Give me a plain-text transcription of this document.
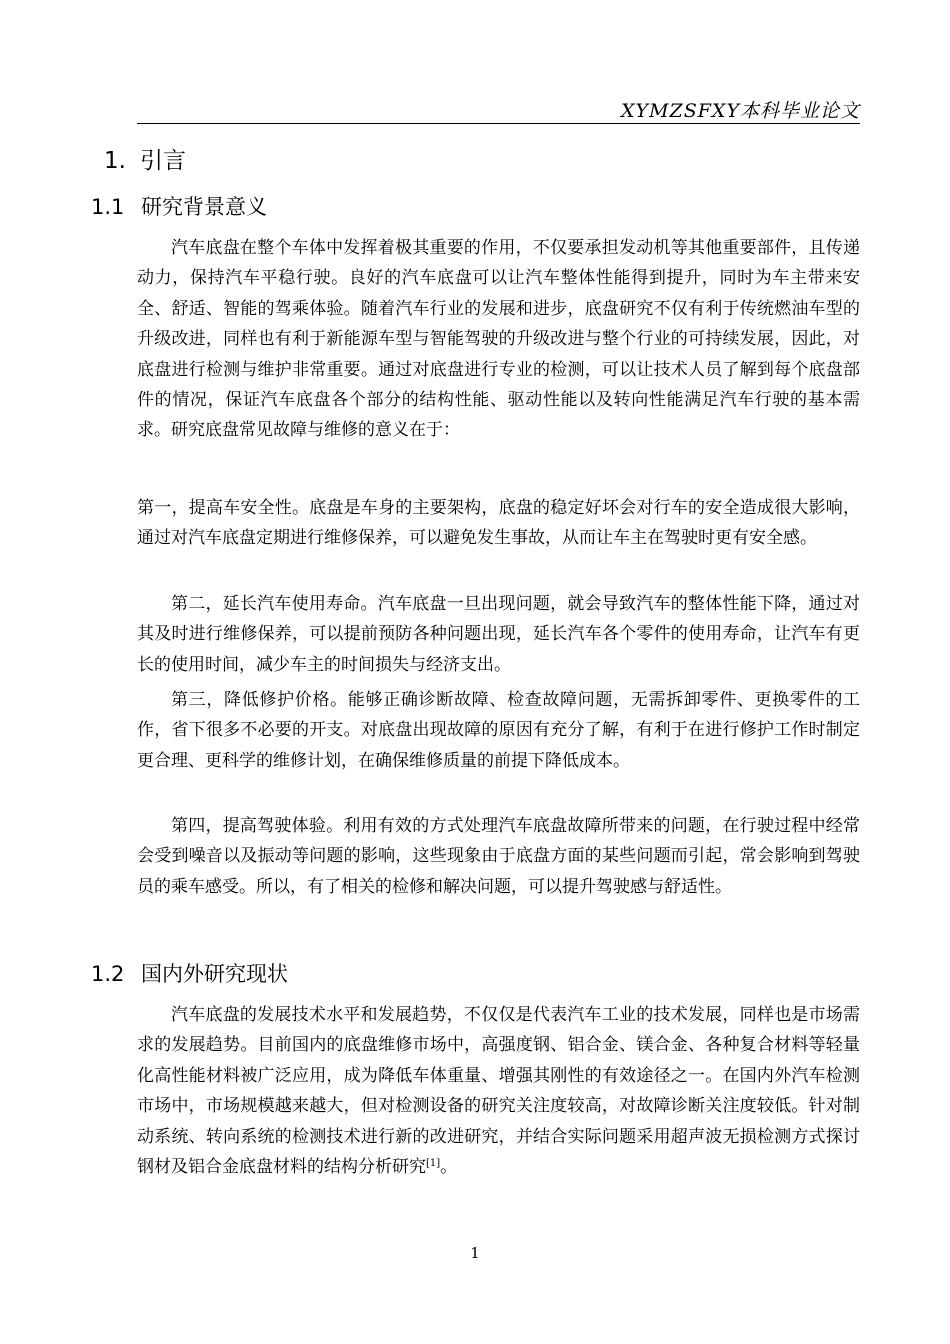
XYMZSFXY本科毕业论文
1. 引言
1.1 研究背景意义
汽车底盘在整个车体中发挥着极其重要的作用，不仅要承担发动机等其他重要部件，且传递动力，保持汽车平稳行驶。良好的汽车底盘可以让汽车整体性能得到提升，同时为车主带来安全、舒适、智能的驾乘体验。随着汽车行业的发展和进步，底盘研究不仅有利于传统燃油车型的升级改进，同样也有利于新能源车型与智能驾驶的升级改进与整个行业的可持续发展，因此，对底盘进行检测与维护非常重要。通过对底盘进行专业的检测，可以让技术人员了解到每个底盘部件的情况，保证汽车底盘各个部分的结构性能、驱动性能以及转向性能满足汽车行驶的基本需求。研究底盘常见故障与维修的意义在于：
第一，提高车安全性。底盘是车身的主要架构，底盘的稳定好坏会对行车的安全造成很大影响，通过对汽车底盘定期进行维修保养，可以避免发生事故，从而让车主在驾驶时更有安全感。
第二，延长汽车使用寿命。汽车底盘一旦出现问题，就会导致汽车的整体性能下降，通过对其及时进行维修保养，可以提前预防各种问题出现，延长汽车各个零件的使用寿命，让汽车有更长的使用时间，减少车主的时间损失与经济支出。
第三，降低修护价格。能够正确诊断故障、检查故障问题，无需拆卸零件、更换零件的工作，省下很多不必要的开支。对底盘出现故障的原因有充分了解，有利于在进行修护工作时制定更合理、更科学的维修计划，在确保维修质量的前提下降低成本。
第四，提高驾驶体验。利用有效的方式处理汽车底盘故障所带来的问题，在行驶过程中经常会受到噪音以及振动等问题的影响，这些现象由于底盘方面的某些问题而引起，常会影响到驾驶员的乘车感受。所以，有了相关的检修和解决问题，可以提升驾驶感与舒适性。
1.2 国内外研究现状
汽车底盘的发展技术水平和发展趋势，不仅仅是代表汽车工业的技术发展，同样也是市场需求的发展趋势。目前国内的底盘维修市场中，高强度钢、铝合金、镁合金、各种复合材料等轻量化高性能材料被广泛应用，成为降低车体重量、增强其刚性的有效途径之一。在国内外汽车检测市场中，市场规模越来越大，但对检测设备的研究关注度较高，对故障诊断关注度较低。针对制动系统、转向系统的检测技术进行新的改进研究，并结合实际问题采用超声波无损检测方式探讨钢材及铝合金底盘材料的结构分析研究[1]。
1
